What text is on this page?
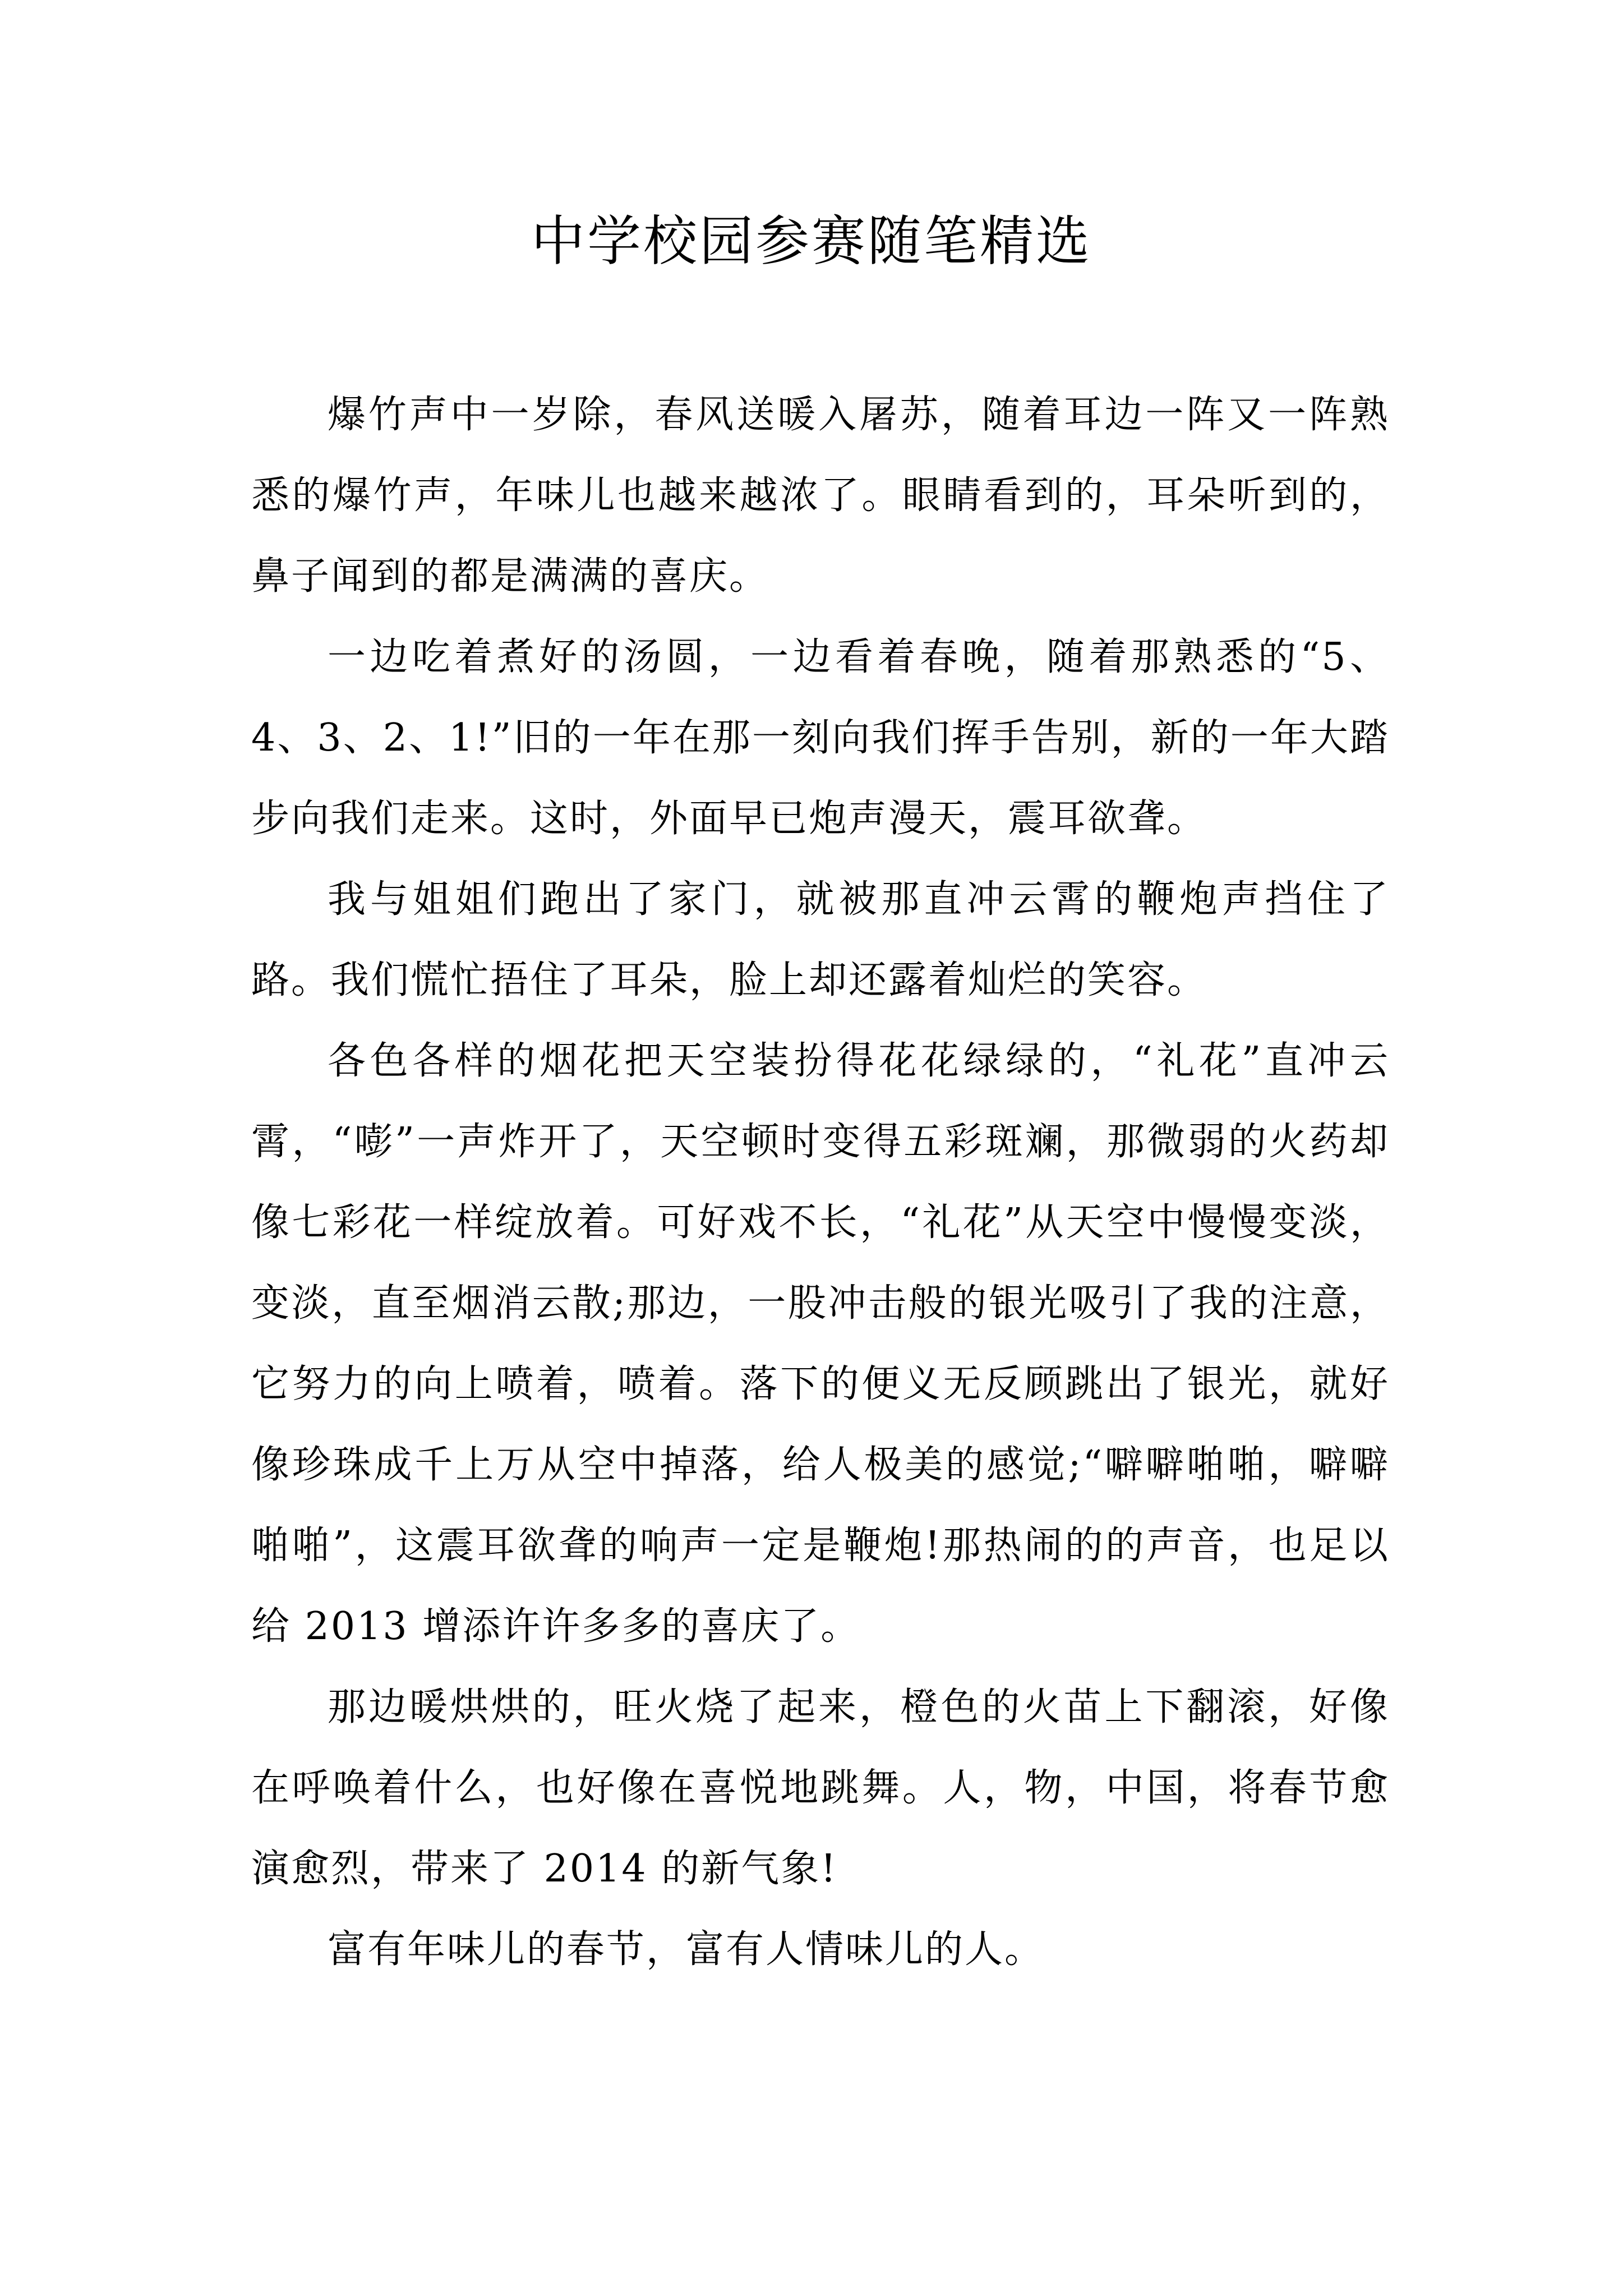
中学校园参赛随笔精选

爆竹声中一岁除，春风送暖入屠苏，随着耳边一阵又一阵熟悉的爆竹声，年味儿也越来越浓了。眼睛看到的，耳朵听到的，鼻子闻到的都是满满的喜庆。

一边吃着煮好的汤圆，一边看着春晚，随着那熟悉的“5、4、3、2、1!”旧的一年在那一刻向我们挥手告别，新的一年大踏步向我们走来。这时，外面早已炮声漫天，震耳欲聋。

我与姐姐们跑出了家门，就被那直冲云霄的鞭炮声挡住了路。我们慌忙捂住了耳朵，脸上却还露着灿烂的笑容。

各色各样的烟花把天空装扮得花花绿绿的，“礼花”直冲云霄，“嘭”一声炸开了，天空顿时变得五彩斑斓，那微弱的火药却像七彩花一样绽放着。可好戏不长，“礼花”从天空中慢慢变淡，变淡，直至烟消云散;那边，一股冲击般的银光吸引了我的注意，它努力的向上喷着，喷着。落下的便义无反顾跳出了银光，就好像珍珠成千上万从空中掉落，给人极美的感觉;“噼噼啪啪，噼噼啪啪”，这震耳欲聋的响声一定是鞭炮!那热闹的的声音，也足以给 2013 增添许许多多的喜庆了。

那边暖烘烘的，旺火烧了起来，橙色的火苗上下翻滚，好像在呼唤着什么，也好像在喜悦地跳舞。人，物，中国，将春节愈演愈烈，带来了 2014 的新气象!

富有年味儿的春节，富有人情味儿的人。
